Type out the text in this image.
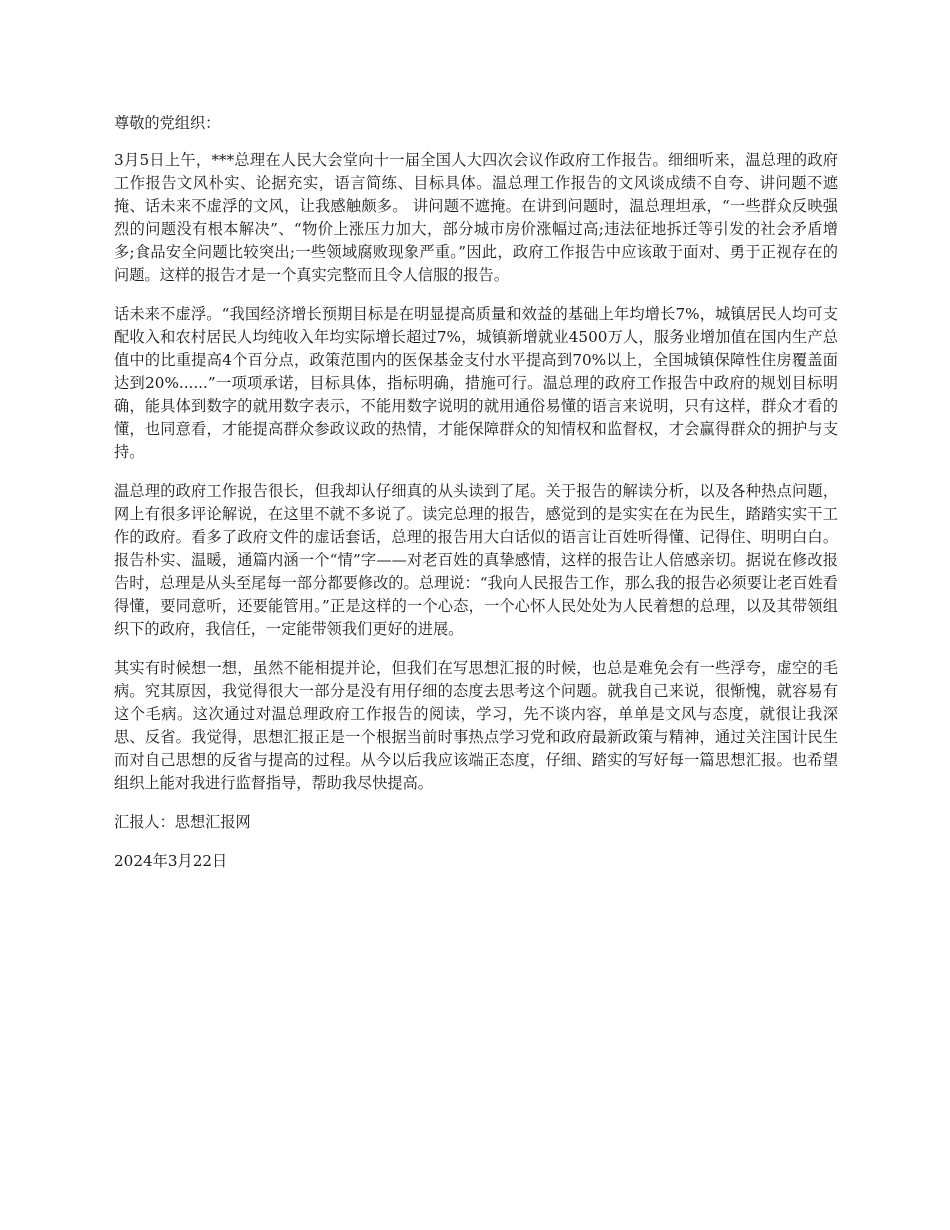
尊敬的党组织：

3月5日上午，***总理在人民大会堂向十一届全国人大四次会议作政府工作报告。细细听来，温总理的政府工作报告文风朴实、论据充实，语言简练、目标具体。温总理工作报告的文风谈成绩不自夸、讲问题不遮掩、话未来不虚浮的文风，让我感触颇多。 讲问题不遮掩。在讲到问题时，温总理坦承，“一些群众反映强烈的问题没有根本解决”、“物价上涨压力加大，部分城市房价涨幅过高;违法征地拆迁等引发的社会矛盾增多;食品安全问题比较突出;一些领域腐败现象严重。”因此，政府工作报告中应该敢于面对、勇于正视存在的问题。这样的报告才是一个真实完整而且令人信服的报告。

话未来不虚浮。“我国经济增长预期目标是在明显提高质量和效益的基础上年均增长7%，城镇居民人均可支配收入和农村居民人均纯收入年均实际增长超过7%，城镇新增就业4500万人，服务业增加值在国内生产总值中的比重提高4个百分点，政策范围内的医保基金支付水平提高到70%以上，全国城镇保障性住房覆盖面达到20%......”一项项承诺，目标具体，指标明确，措施可行。温总理的政府工作报告中政府的规划目标明确，能具体到数字的就用数字表示，不能用数字说明的就用通俗易懂的语言来说明，只有这样，群众才看的懂，也同意看，才能提高群众参政议政的热情，才能保障群众的知情权和监督权，才会赢得群众的拥护与支持。

温总理的政府工作报告很长，但我却认仔细真的从头读到了尾。关于报告的解读分析，以及各种热点问题，网上有很多评论解说，在这里不就不多说了。读完总理的报告，感觉到的是实实在在为民生，踏踏实实干工作的政府。看多了政府文件的虚话套话，总理的报告用大白话似的语言让百姓听得懂、记得住、明明白白。报告朴实、温暖，通篇内涵一个“情”字——对老百姓的真挚感情，这样的报告让人倍感亲切。据说在修改报告时，总理是从头至尾每一部分都要修改的。总理说：“我向人民报告工作，那么我的报告必须要让老百姓看得懂，要同意听，还要能管用。”正是这样的一个心态，一个心怀人民处处为人民着想的总理，以及其带领组织下的政府，我信任，一定能带领我们更好的进展。

其实有时候想一想，虽然不能相提并论，但我们在写思想汇报的时候，也总是难免会有一些浮夸，虚空的毛病。究其原因，我觉得很大一部分是没有用仔细的态度去思考这个问题。就我自己来说，很惭愧，就容易有这个毛病。这次通过对温总理政府工作报告的阅读，学习，先不谈内容，单单是文风与态度，就很让我深思、反省。我觉得，思想汇报正是一个根据当前时事热点学习党和政府最新政策与精神，通过关注国计民生而对自己思想的反省与提高的过程。从今以后我应该端正态度，仔细、踏实的写好每一篇思想汇报。也希望组织上能对我进行监督指导，帮助我尽快提高。

汇报人：思想汇报网

2024年3月22日
